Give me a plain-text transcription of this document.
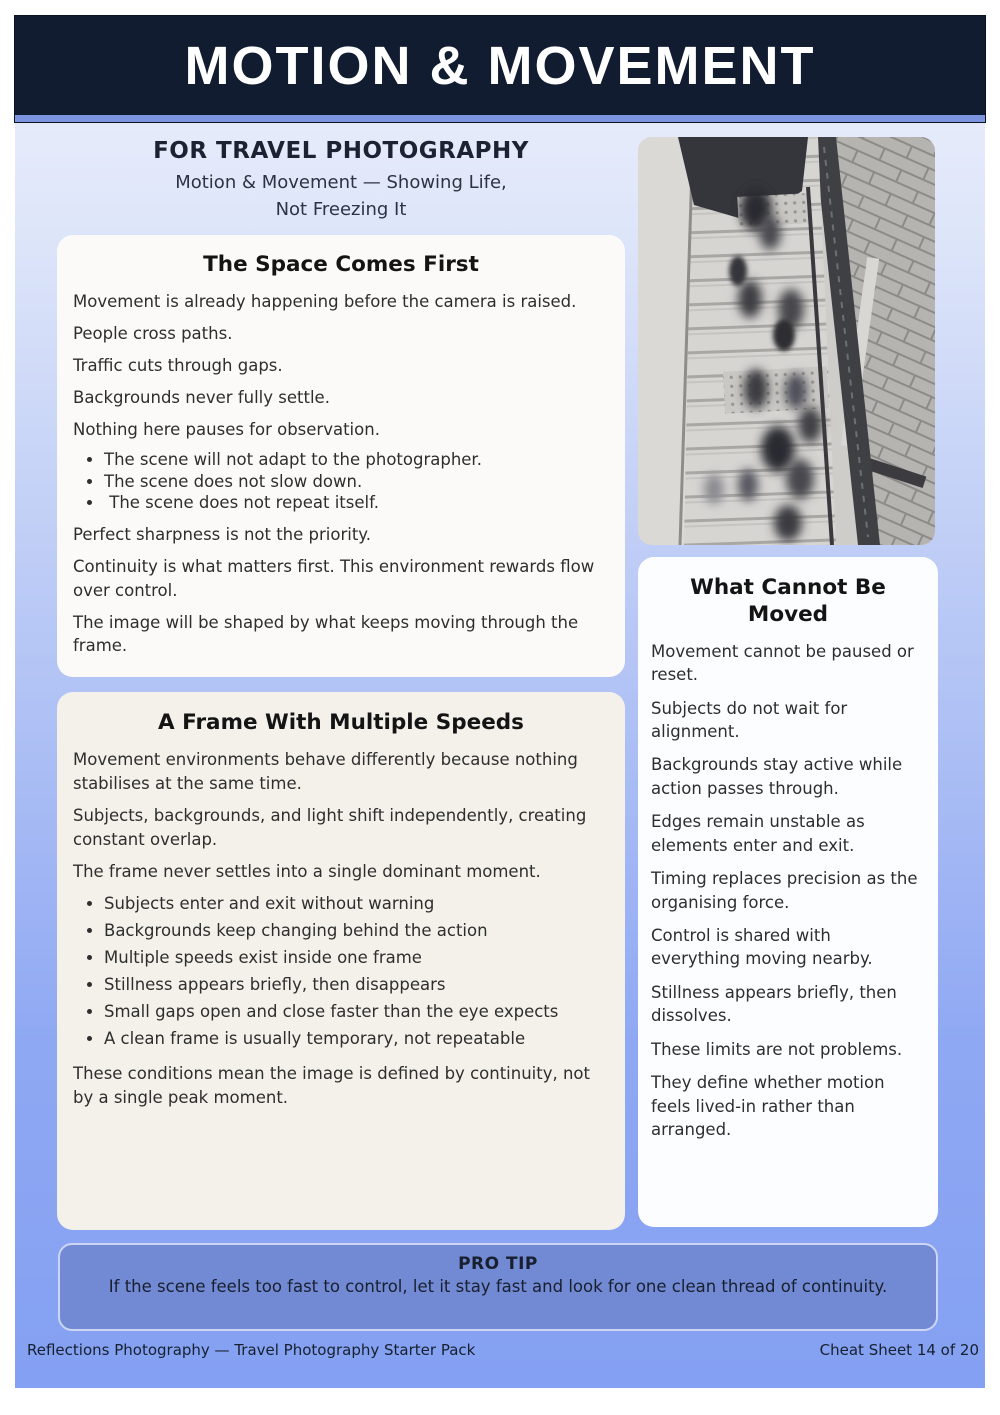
MOTION & MOVEMENT
FOR TRAVEL PHOTOGRAPHY
Motion & Movement — Showing Life,
Not Freezing It
The Space Comes First

Movement is already happening before the camera is raised.

People cross paths.

Traffic cuts through gaps.

Backgrounds never fully settle.

Nothing here pauses for observation.

• The scene will not adapt to the photographer.
• The scene does not slow down.
•  The scene does not repeat itself.

Perfect sharpness is not the priority.

Continuity is what matters first. This environment rewards flow over control.

The image will be shaped by what keeps moving through the frame.

What Cannot Be
Moved

Movement cannot be paused or reset.

Subjects do not wait for alignment.

Backgrounds stay active while action passes through.

Edges remain unstable as elements enter and exit.

Timing replaces precision as the organising force.

Control is shared with everything moving nearby.

Stillness appears briefly, then dissolves.

These limits are not problems.

They define whether motion feels lived-in rather than arranged.

A Frame With Multiple Speeds

Movement environments behave differently because nothing stabilises at the same time.

Subjects, backgrounds, and light shift independently, creating constant overlap.

The frame never settles into a single dominant moment.

• Subjects enter and exit without warning
• Backgrounds keep changing behind the action
• Multiple speeds exist inside one frame
• Stillness appears briefly, then disappears
• Small gaps open and close faster than the eye expects
• A clean frame is usually temporary, not repeatable

These conditions mean the image is defined by continuity, not by a single peak moment.

PRO TIP
If the scene feels too fast to control, let it stay fast and look for one clean thread of continuity.
Reflections Photography — Travel Photography Starter Pack	Cheat Sheet 14 of 20
